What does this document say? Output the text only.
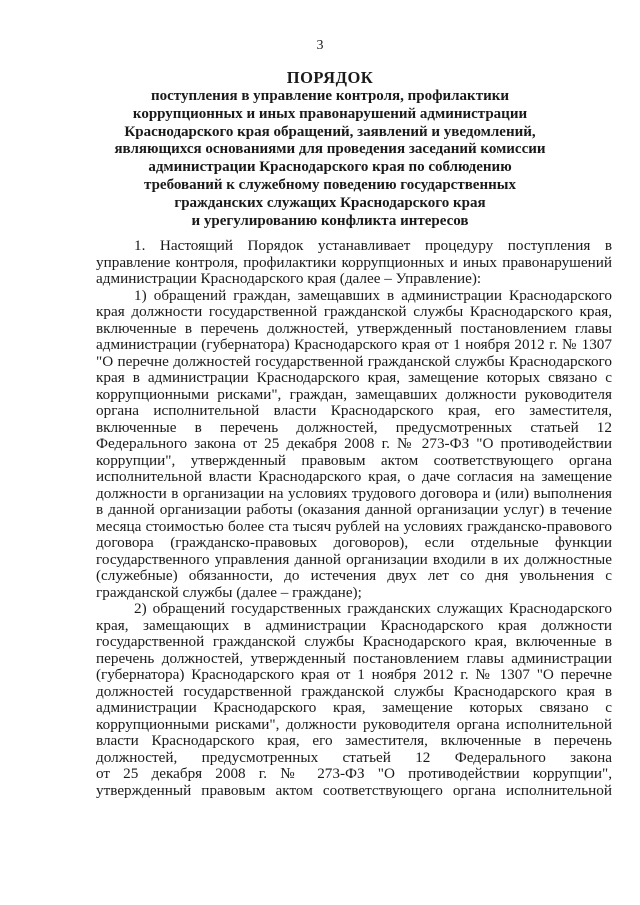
3
ПОРЯДОК
поступления в управление контроля, профилактики
коррупционных и иных правонарушений администрации
Краснодарского края обращений, заявлений и уведомлений,
являющихся основаниями для проведения заседаний комиссии
администрации Краснодарского края по соблюдению
требований к служебному поведению государственных
гражданских служащих Краснодарского края
и урегулированию конфликта интересов
1. Настоящий Порядок устанавливает процедуру поступления в
управление контроля, профилактики коррупционных и иных правонарушений
администрации Краснодарского края (далее – Управление):
1) обращений граждан, замещавших в администрации Краснодарского
края должности государственной гражданской службы Краснодарского края,
включенные в перечень должностей, утвержденный постановлением главы
администрации (губернатора) Краснодарского края от 1 ноября 2012 г. № 1307
"О перечне должностей государственной гражданской службы Краснодарского
края в администрации Краснодарского края, замещение которых связано с
коррупционными рисками", граждан, замещавших должности руководителя
органа исполнительной власти Краснодарского края, его заместителя,
включенные в перечень должностей, предусмотренных статьей 12
Федерального закона от 25 декабря 2008 г. № 273-ФЗ "О противодействии
коррупции", утвержденный правовым актом соответствующего органа
исполнительной власти Краснодарского края, о даче согласия на замещение
должности в организации на условиях трудового договора и (или) выполнения
в данной организации работы (оказания данной организации услуг) в течение
месяца стоимостью более ста тысяч рублей на условиях гражданско-правового
договора (гражданско-правовых договоров), если отдельные функции
государственного управления данной организации входили в их должностные
(служебные) обязанности, до истечения двух лет со дня увольнения с
гражданской службы (далее – граждане);
2) обращений государственных гражданских служащих Краснодарского
края, замещающих в администрации Краснодарского края должности
государственной гражданской службы Краснодарского края, включенные в
перечень должностей, утвержденный постановлением главы администрации
(губернатора) Краснодарского края от 1 ноября 2012 г. № 1307 "О перечне
должностей государственной гражданской службы Краснодарского края в
администрации Краснодарского края, замещение которых связано с
коррупционными рисками", должности руководителя органа исполнительной
власти Краснодарского края, его заместителя, включенные в перечень
должностей, предусмотренных статьей 12 Федерального закона
от 25 декабря 2008 г. № 273-ФЗ "О противодействии коррупции",
утвержденный правовым актом соответствующего органа исполнительной
